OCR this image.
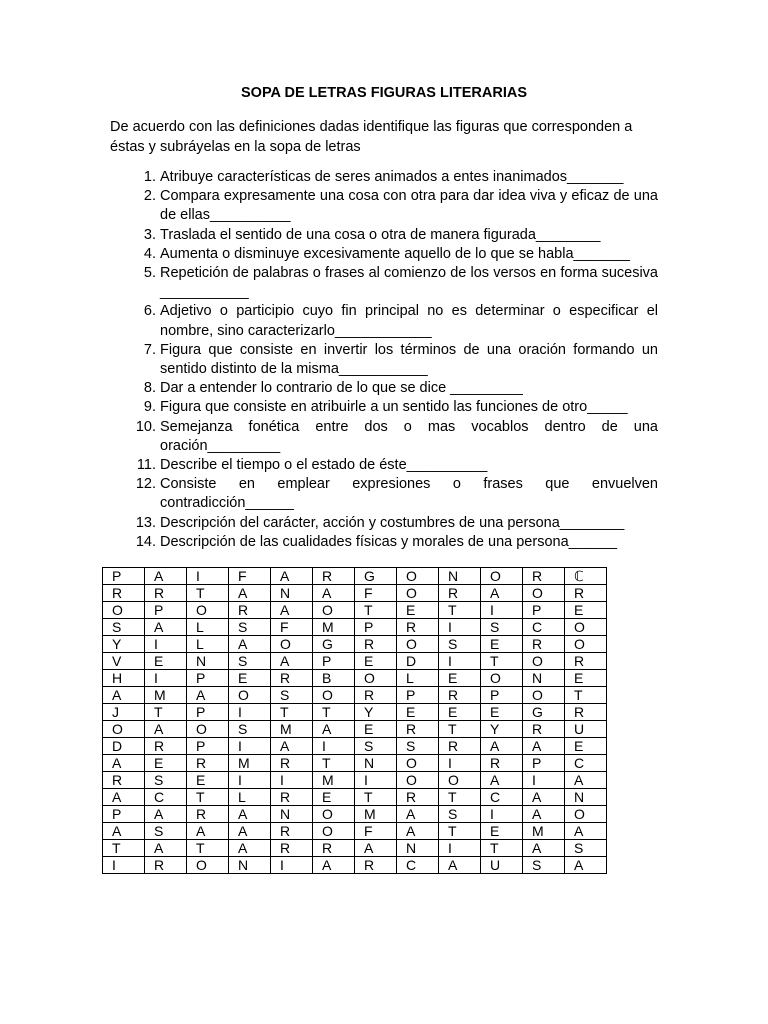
SOPA DE LETRAS FIGURAS LITERARIAS
De acuerdo con las definiciones dadas identifique las figuras que corresponden a éstas y subráyelas en la sopa de letras
1. Atribuye características de seres animados a entes inanimados_______
2. Compara expresamente una cosa con otra para dar idea viva y eficaz de una de ellas__________
3. Traslada el sentido de una cosa o otra de manera figurada________
4. Aumenta o disminuye excesivamente aquello de lo que se habla_______
5. Repetición de palabras o frases al comienzo de los versos en forma sucesiva ___________
6. Adjetivo o participio cuyo fin principal no es determinar o especificar el nombre, sino caracterizarlo____________
7. Figura que consiste en invertir los términos de una oración formando un sentido distinto de la misma___________
8. Dar a entender lo contrario de lo que se dice _________
9. Figura que consiste en atribuirle a un sentido las funciones de otro_____
10. Semejanza fonética entre dos o mas vocablos dentro de una oración_________
11. Describe el tiempo o el estado de éste__________
12. Consiste en emplear expresiones o frases que envuelven contradicción______
13. Descripción del carácter, acción y costumbres de una persona________
14. Descripción de las cualidades físicas y morales de una persona______
P	A	I	F	A	R	G	O	N	O	R	ℂ
R	R	T	A	N	A	F	O	R	A	O	R
O	P	O	R	A	O	T	E	T	I	P	E
S	A	L	S	F	M	P	R	I	S	C	O
Y	I	L	A	O	G	R	O	S	E	R	O
V	E	N	S	A	P	E	D	I	T	O	R
H	I	P	E	R	B	O	L	E	O	N	E
A	M	A	O	S	O	R	P	R	P	O	T
J	T	P	I	T	T	Y	E	E	E	G	R
O	A	O	S	M	A	E	R	T	Y	R	U
D	R	P	I	A	I	S	S	R	A	A	E
A	E	R	M	R	T	N	O	I	R	P	C
R	S	E	I	I	M	I	O	O	A	I	A
A	C	T	L	R	E	T	R	T	C	A	N
P	A	R	A	N	O	M	A	S	I	A	O
A	S	A	A	R	O	F	A	T	E	M	A
T	A	T	A	R	R	A	N	I	T	A	S
I	R	O	N	I	A	R	C	A	U	S	A
